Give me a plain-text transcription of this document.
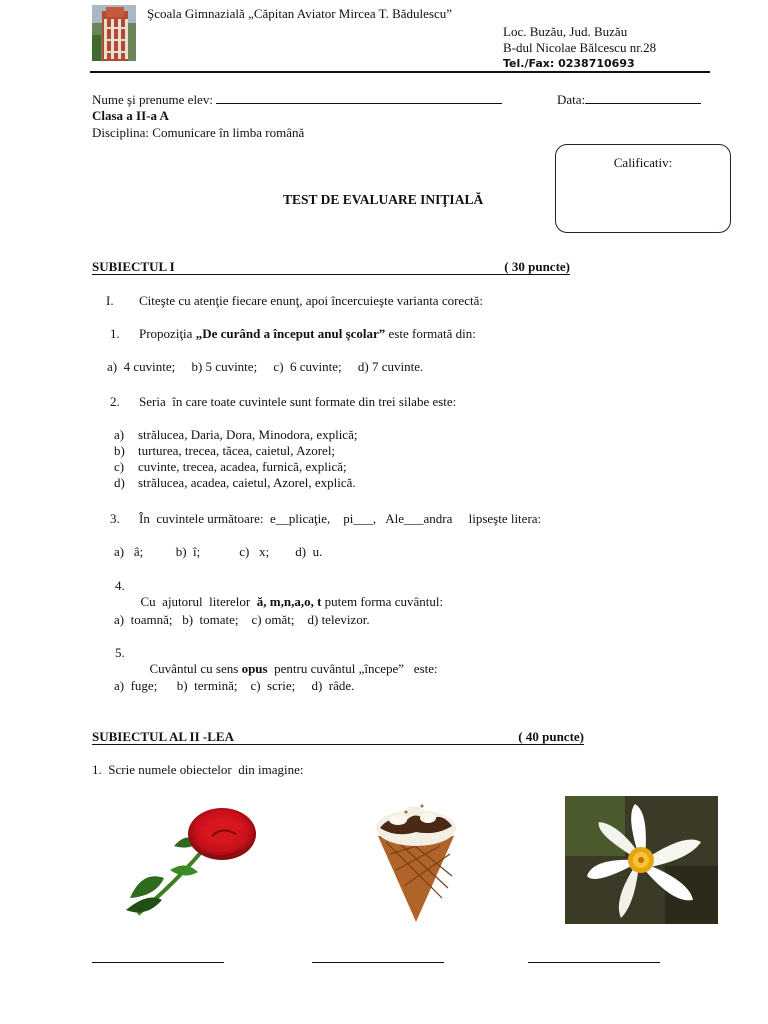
Şcoala Gimnazială „Căpitan Aviator Mircea T. Bădulescu”
Loc. Buzău, Jud. Buzău
B-dul Nicolae Bălcescu nr.28
Tel./Fax: 0238710693
Nume şi prenume elev:	Data:
Clasa a II-a A
Disciplina: Comunicare în limba română
Calificativ:
TEST DE EVALUARE INIŢIALĂ
SUBIECTUL I	( 30 puncte)
I. Citeşte cu atenţie fiecare enunţ, apoi încercuieşte varianta corectă:
1. Propoziţia „De curând a început anul şcolar” este formată din:
a)  4 cuvinte;     b) 5 cuvinte;     c)  6 cuvinte;     d) 7 cuvinte.
2. Seria  în care toate cuvintele sunt formate din trei silabe este:
a) strălucea, Daria, Dora, Minodora, explică;
b) turturea, trecea, tăcea, caietul, Azorel;
c) cuvinte, trecea, acadea, furnică, explică;
d) strălucea, acadea, caietul, Azorel, explică.
3. În  cuvintele următoare:  e__plicaţie,    pi___,   Ale___andra     lipseşte litera:
a)   â;          b)  î;            c)   x;        d)  u.
4.

Cu  ajutorul  literelor  ă, m,n,a,o, t putem forma cuvântul:

a)  toamnă;   b)  tomate;    c) omăt;    d) televizor.
5.

Cuvântul cu sens opus  pentru cuvântul „începe”   este:

a)  fuge;      b)  termină;    c)  scrie;     d)  râde.
SUBIECTUL AL II -LEA	( 40 puncte)
1.  Scrie numele obiectelor  din imagine:
